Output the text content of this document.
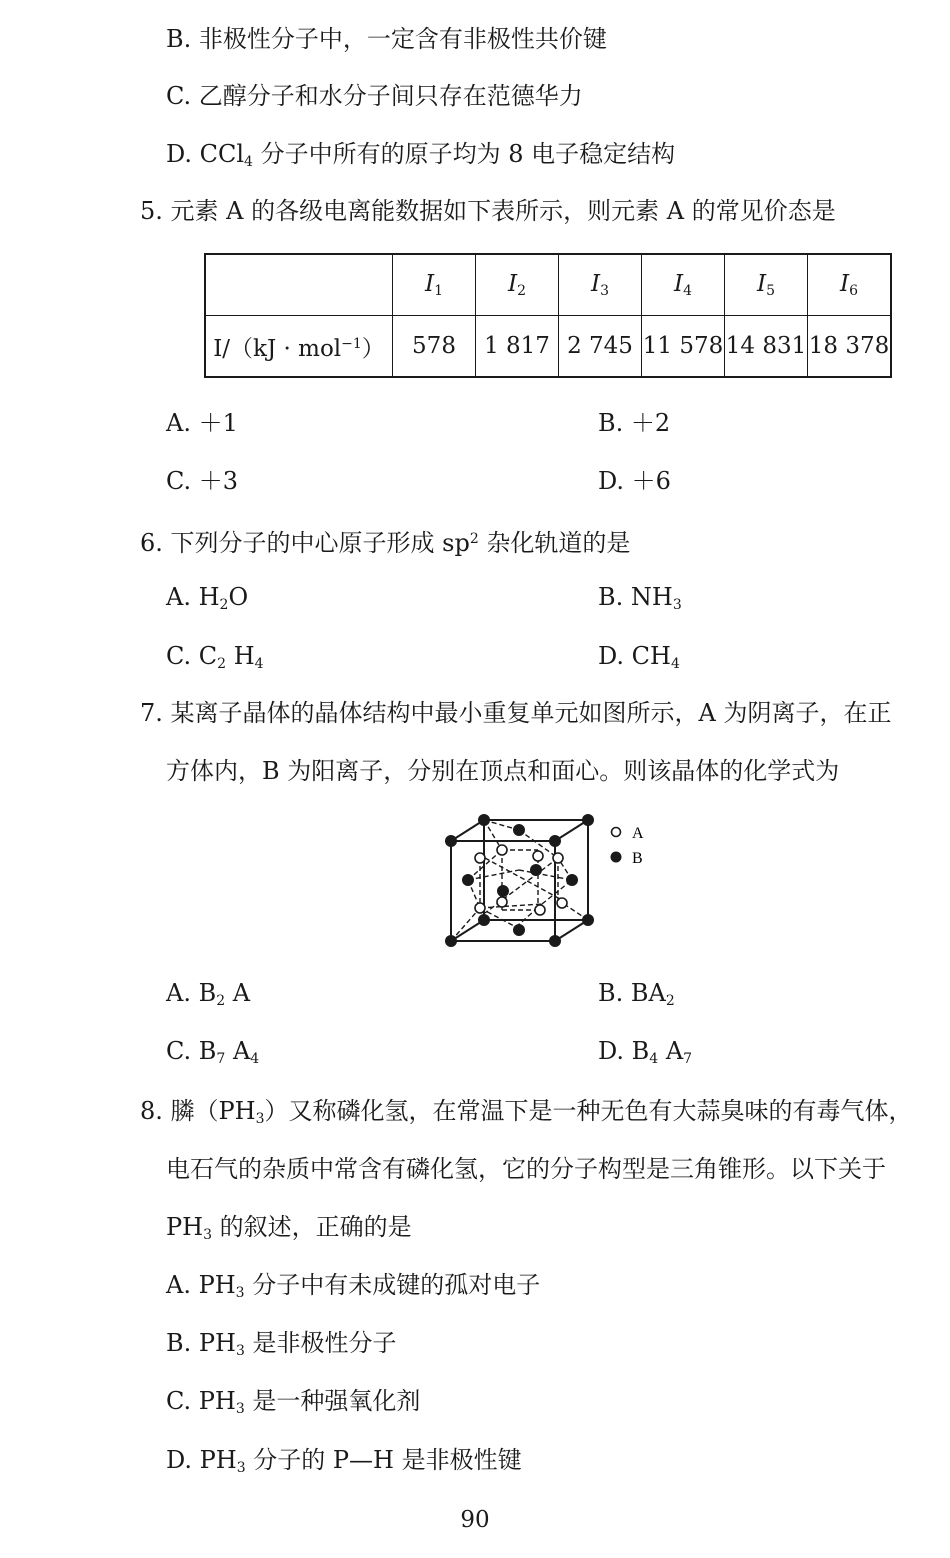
B. 非极性分子中，一定含有非极性共价键
C. 乙醇分子和水分子间只存在范德华力
D. CCl$_4$ 分子中所有的原子均为 8 电子稳定结构
5. 元素 A 的各级电离能数据如下表所示，则元素 A 的常见价态是
	$I_1$	$I_2$	$I_3$	$I_4$	$I_5$	$I_6$
I/（kJ · mol$^{-1}$）	578	1 817	2 745	11 578	14 831	18 378
A. ＋1	B. ＋2
C. ＋3	D. ＋6
6. 下列分子的中心原子形成 $sp^2$ 杂化轨道的是
A. $H_2O$	B. $NH_3$
C. $C_2$ $H_4$	D. $CH_4$
7. 某离子晶体的晶体结构中最小重复单元如图所示，A 为阴离子，在正
方体内，B 为阳离子，分别在顶点和面心。则该晶体的化学式为
A
B
A. $B_2$ A	B. $BA_2$
C. $B_7$ $A_4$	D. $B_4$ $A_7$
8. 膦$(PH_3)$又称磷化氢，在常温下是一种无色有大蒜臭味的有毒气体，
电石气的杂质中常含有磷化氢，它的分子构型是三角锥形。以下关于
$PH_3$ 的叙述，正确的是
A. $PH_3$ 分子中有未成键的孤对电子
B. $PH_3$ 是非极性分子
C. $PH_3$ 是一种强氧化剂
D. $PH_3$ 分子的 P—H 是非极性键
90
